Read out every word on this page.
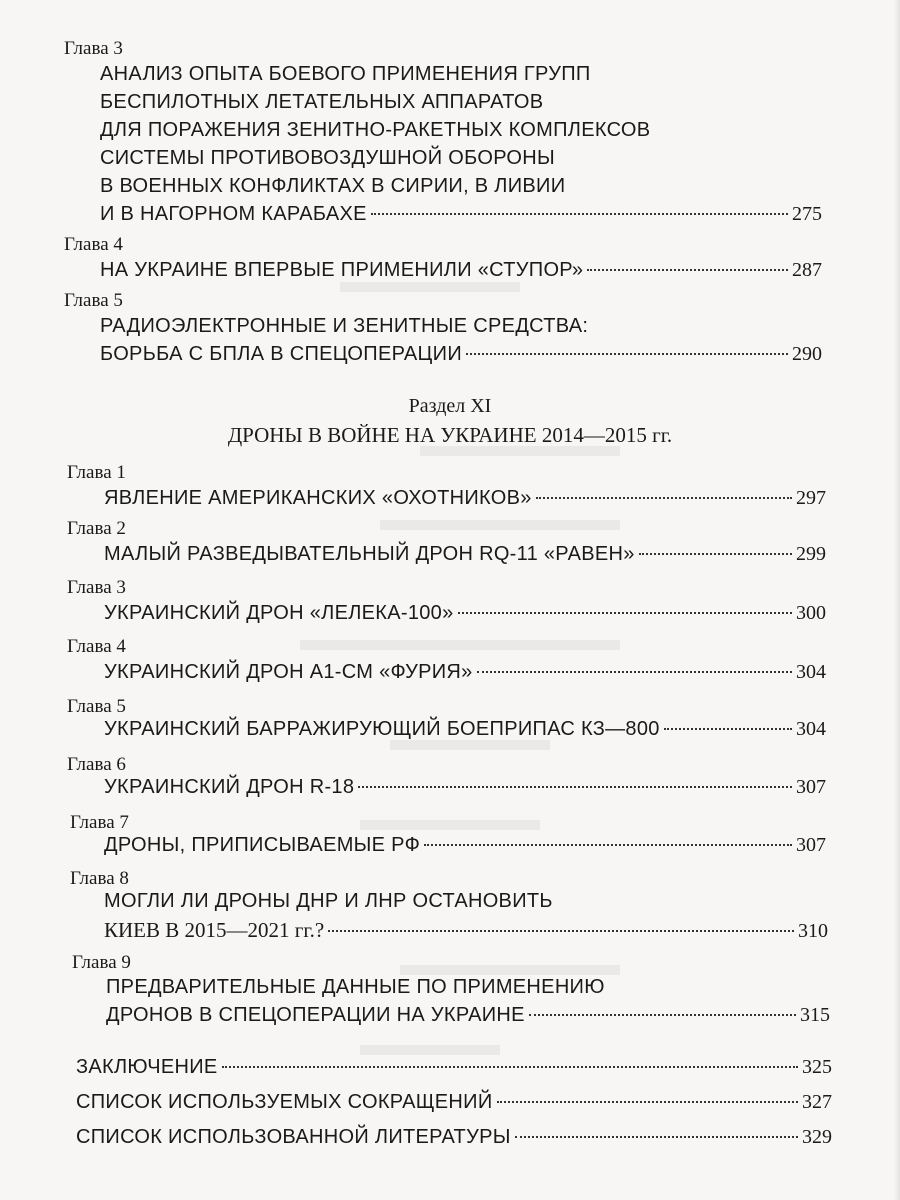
Глава 3
АНАЛИЗ ОПЫТА БОЕВОГО ПРИМЕНЕНИЯ ГРУПП
БЕСПИЛОТНЫХ ЛЕТАТЕЛЬНЫХ АППАРАТОВ
ДЛЯ ПОРАЖЕНИЯ ЗЕНИТНО-РАКЕТНЫХ КОМПЛЕКСОВ
СИСТЕМЫ ПРОТИВОВОЗДУШНОЙ ОБОРОНЫ
В ВОЕННЫХ КОНФЛИКТАХ В СИРИИ, В ЛИВИИ
И В НАГОРНОМ КАРАБАХЕ	275
Глава 4
НА УКРАИНЕ ВПЕРВЫЕ ПРИМЕНИЛИ «СТУПОР»	287
Глава 5
РАДИОЭЛЕКТРОННЫЕ И ЗЕНИТНЫЕ СРЕДСТВА:
БОРЬБА С БПЛА В СПЕЦОПЕРАЦИИ	290
Раздел XI
ДРОНЫ В ВОЙНЕ НА УКРАИНЕ 2014—2015 гг.
Глава 1
ЯВЛЕНИЕ АМЕРИКАНСКИХ «ОХОТНИКОВ»	297
Глава 2
МАЛЫЙ РАЗВЕДЫВАТЕЛЬНЫЙ ДРОН RQ-11 «РАВЕН»	299
Глава 3
УКРАИНСКИЙ ДРОН «ЛЕЛЕКА-100»	300
Глава 4
УКРАИНСКИЙ ДРОН А1-СМ «ФУРИЯ»	304
Глава 5
УКРАИНСКИЙ БАРРАЖИРУЮЩИЙ БОЕПРИПАС КЗ—800	304
Глава 6
УКРАИНСКИЙ ДРОН R-18	307
Глава 7
ДРОНЫ, ПРИПИСЫВАЕМЫЕ РФ	307
Глава 8
МОГЛИ ЛИ ДРОНЫ ДНР И ЛНР ОСТАНОВИТЬ
КИЕВ В 2015—2021 гг.?	310
Глава 9
ПРЕДВАРИТЕЛЬНЫЕ ДАННЫЕ ПО ПРИМЕНЕНИЮ
ДРОНОВ В СПЕЦОПЕРАЦИИ НА УКРАИНЕ	315
ЗАКЛЮЧЕНИЕ	325
СПИСОК ИСПОЛЬЗУЕМЫХ СОКРАЩЕНИЙ	327
СПИСОК ИСПОЛЬЗОВАННОЙ ЛИТЕРАТУРЫ	329
